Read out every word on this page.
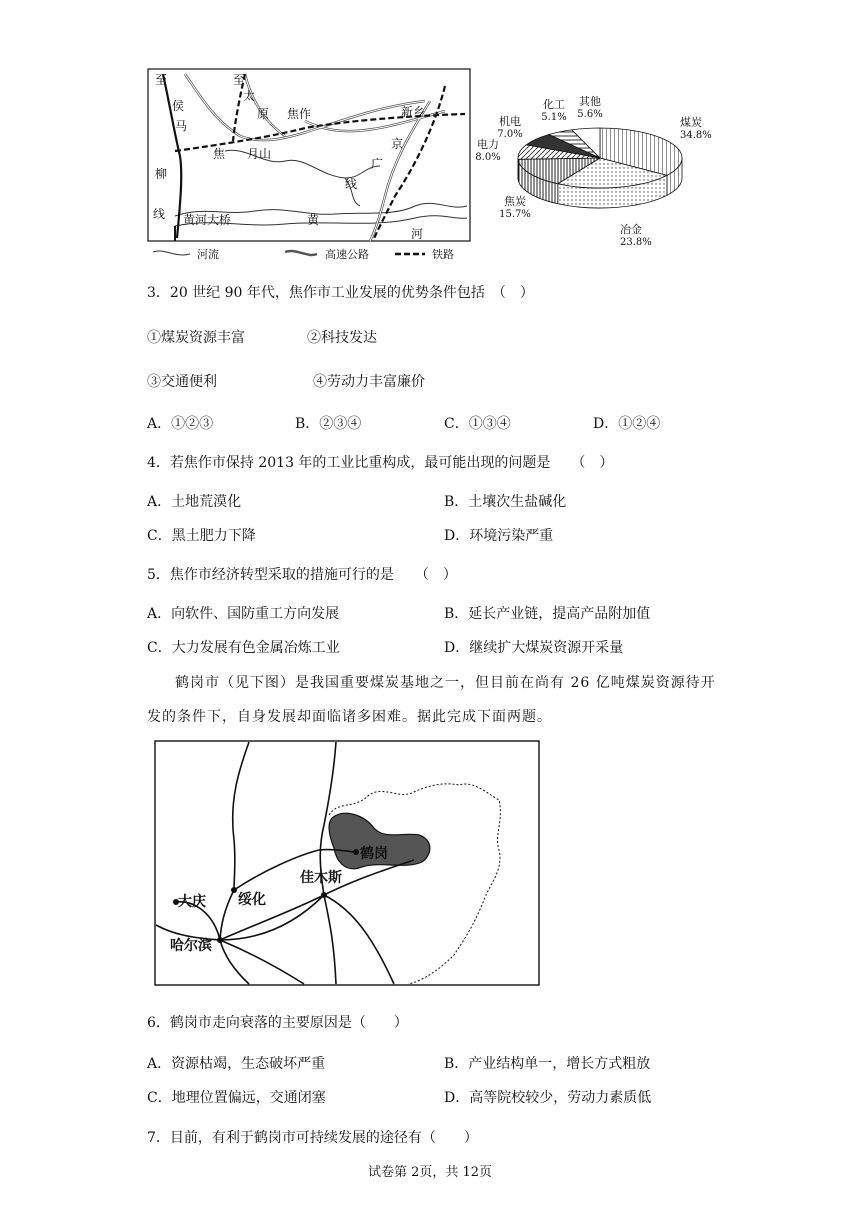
至
侯
马
至
太
原 焦作	新乡
京
广
线
焦 月山
柳
线 黄河大桥	黄
河
河流	高速公路	铁路
煤炭
34.8%
冶金
23.8%
焦炭
15.7%
电力
8.0%
机电
7.0%
化工
5.1%
其他
5.6%
3．20 世纪 90 年代，焦作市工业发展的优势条件包括　（　）
①煤炭资源丰富	②科技发达
③交通便利	④劳动力丰富廉价
A．①②③	B．②③④	C．①③④	D．①②④
4．若焦作市保持 2013 年的工业比重构成，最可能出现的问题是　　（　）
A．土地荒漠化	B．土壤次生盐碱化
C．黑土肥力下降	D．环境污染严重
5．焦作市经济转型采取的措施可行的是　　（　）
A．向软件、国防重工方向发展	B．延长产业链，提高产品附加值
C．大力发展有色金属冶炼工业	D．继续扩大煤炭资源开采量
鹤岗市（见下图）是我国重要煤炭基地之一，但目前在尚有 26 亿吨煤炭资源待开
发的条件下，自身发展却面临诸多困难。据此完成下面两题。
鹤岗
佳木斯
大庆 绥化
哈尔滨
6．鹤岗市走向衰落的主要原因是（　　）
A．资源枯竭，生态破坏严重	B．产业结构单一，增长方式粗放
C．地理位置偏远，交通闭塞	D．高等院校较少，劳动力素质低
7．目前，有利于鹤岗市可持续发展的途径有（　　）
试卷第 2页，共 12页
